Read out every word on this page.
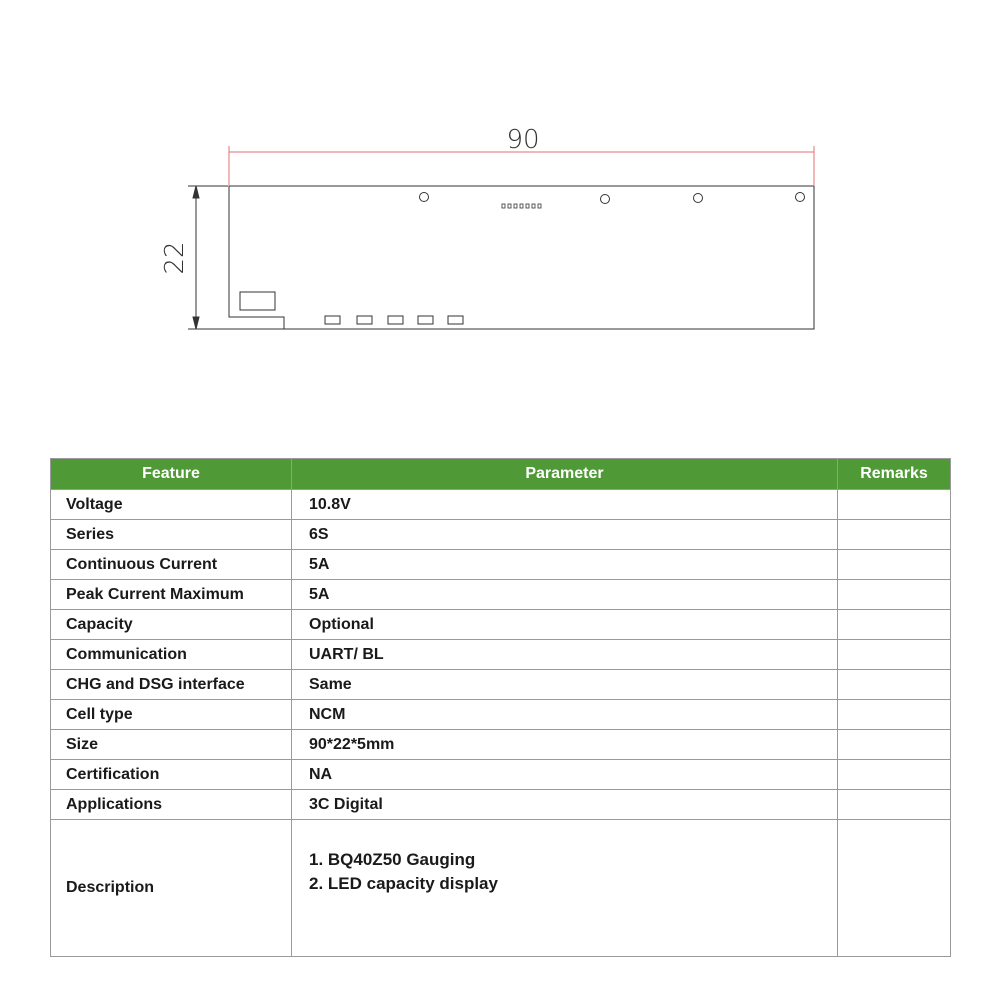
90
22
Feature	Parameter	Remarks
Voltage	10.8V	
Series	6S	
Continuous Current	5A	
Peak Current Maximum	5A	
Capacity	Optional	
Communication	UART/ BL	
CHG and DSG interface	Same	
Cell type	NCM	
Size	90*22*5mm	
Certification	NA	
Applications	3C Digital	
Description	1. BQ40Z50 Gauging
2. LED capacity display	
